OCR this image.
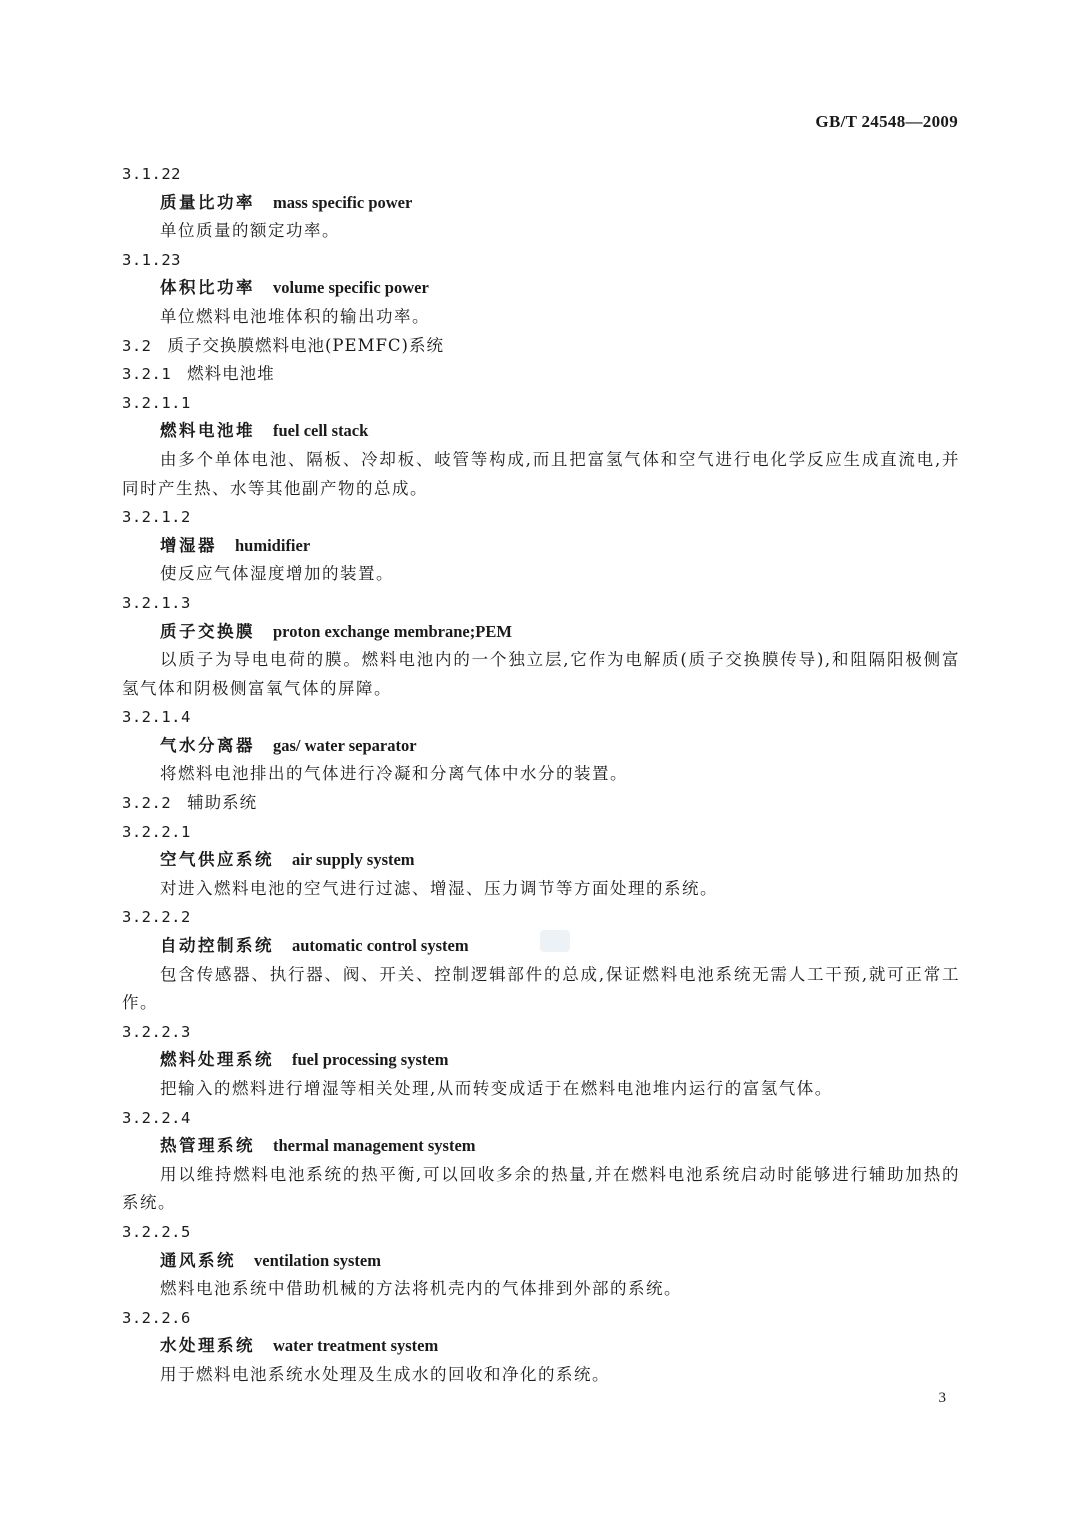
GB/T 24548—2009
3.1.22
质量比功率 mass specific power
单位质量的额定功率。
3.1.23
体积比功率 volume specific power
单位燃料电池堆体积的输出功率。
3.2 质子交换膜燃料电池(PEMFC)系统
3.2.1 燃料电池堆
3.2.1.1
燃料电池堆 fuel cell stack
由多个单体电池、隔板、冷却板、岐管等构成,而且把富氢气体和空气进行电化学反应生成直流电,并同时产生热、水等其他副产物的总成。
3.2.1.2
增湿器 humidifier
使反应气体湿度增加的装置。
3.2.1.3
质子交换膜 proton exchange membrane;PEM
以质子为导电电荷的膜。燃料电池内的一个独立层,它作为电解质(质子交换膜传导),和阻隔阳极侧富氢气体和阴极侧富氧气体的屏障。
3.2.1.4
气水分离器 gas/ water separator
将燃料电池排出的气体进行冷凝和分离气体中水分的装置。
3.2.2 辅助系统
3.2.2.1
空气供应系统 air supply system
对进入燃料电池的空气进行过滤、增湿、压力调节等方面处理的系统。
3.2.2.2
自动控制系统 automatic control system
包含传感器、执行器、阀、开关、控制逻辑部件的总成,保证燃料电池系统无需人工干预,就可正常工作。
3.2.2.3
燃料处理系统 fuel processing system
把输入的燃料进行增湿等相关处理,从而转变成适于在燃料电池堆内运行的富氢气体。
3.2.2.4
热管理系统 thermal management system
用以维持燃料电池系统的热平衡,可以回收多余的热量,并在燃料电池系统启动时能够进行辅助加热的系统。
3.2.2.5
通风系统 ventilation system
燃料电池系统中借助机械的方法将机壳内的气体排到外部的系统。
3.2.2.6
水处理系统 water treatment system
用于燃料电池系统水处理及生成水的回收和净化的系统。
3
